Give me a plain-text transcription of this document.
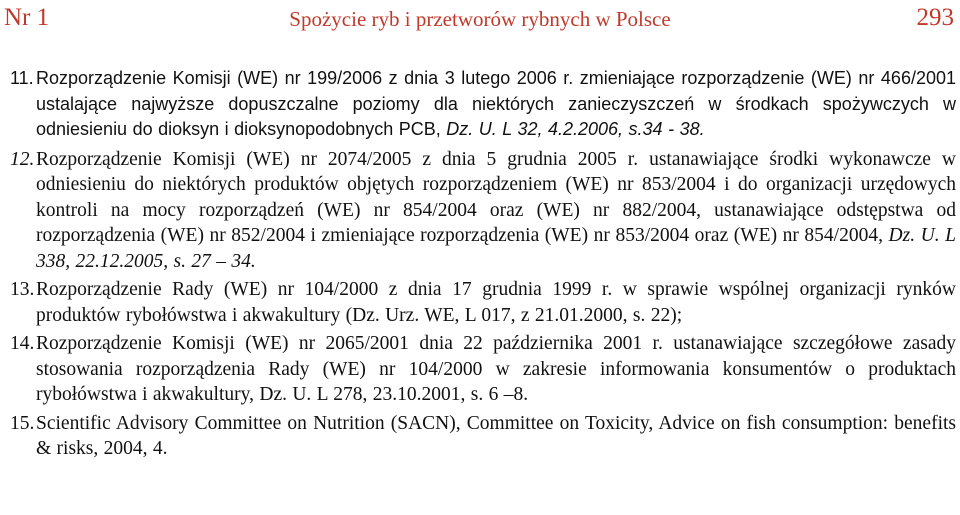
Nr 1	Spożycie ryb i przetworów rybnych w Polsce	293
11. Rozporządzenie Komisji (WE) nr 199/2006 z dnia 3 lutego 2006 r. zmieniające rozporządzenie (WE) nr 466/2001 ustalające najwyższe dopuszczalne poziomy dla niektórych zanieczyszczeń w środkach spożywczych w odniesieniu do dioksyn i dioksynopodobnych PCB, Dz. U. L 32, 4.2.2006, s.34 - 38.
12. Rozporządzenie Komisji (WE) nr 2074/2005 z dnia 5 grudnia 2005 r. ustanawiające środki wykonawcze w odniesieniu do niektórych produktów objętych rozporządzeniem (WE) nr 853/2004 i do organizacji urzędowych kontroli na mocy rozporządzeń (WE) nr 854/2004 oraz (WE) nr 882/2004, ustanawiające odstępstwa od rozporządzenia (WE) nr 852/2004 i zmieniające rozporządzenia (WE) nr 853/2004 oraz (WE) nr 854/2004, Dz. U. L 338, 22.12.2005, s. 27 – 34.
13. Rozporządzenie Rady (WE) nr 104/2000 z dnia 17 grudnia 1999 r. w sprawie wspólnej organizacji rynków produktów rybołówstwa i akwakultury (Dz. Urz. WE, L 017, z 21.01.2000, s. 22);
14. Rozporządzenie Komisji (WE) nr 2065/2001 dnia 22 października 2001 r. ustanawiające szczegółowe zasady stosowania rozporządzenia Rady (WE) nr 104/2000 w zakresie informowania konsumentów o produktach rybołówstwa i akwakultury, Dz. U. L 278, 23.10.2001, s. 6 –8.
15. Scientific Advisory Committee on Nutrition (SACN), Committee on Toxicity, Advice on fish consumption: benefits & risks, 2004, 4.
